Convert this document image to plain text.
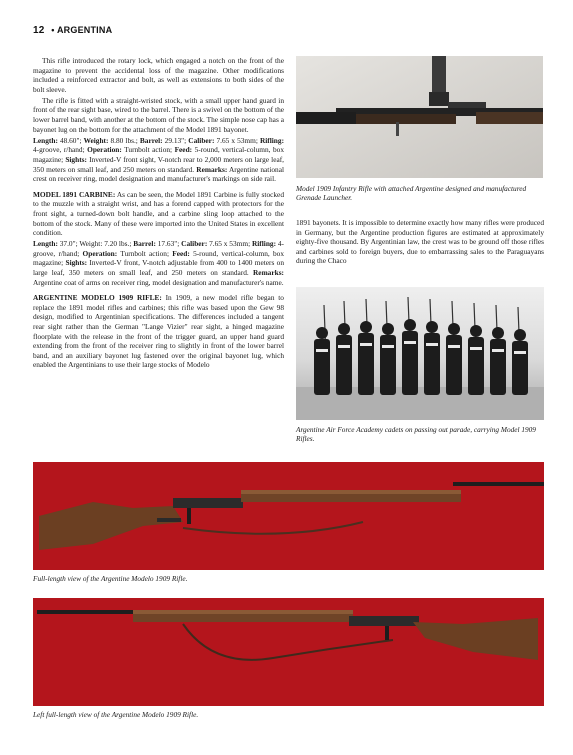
12 • ARGENTINA

This rifle introduced the rotary lock, which engaged a notch on the front of the magazine to prevent the accidental loss of the magazine. Other modifications included a reinforced extractor and bolt, as well as extensions to both sides of the bolt sleeve.

The rifle is fitted with a straight-wristed stock, with a small upper hand guard in front of the rear sight base, wired to the barrel. There is a swivel on the bottom of the lower barrel band, with another at the bottom of the stock. The simple nose cap has a bayonet lug on the bottom for the attachment of the Model 1891 bayonet.

Length: 48.60"; Weight: 8.80 lbs.; Barrel: 29.13"; Caliber: 7.65 x 53mm; Rifling: 4-groove, r/hand; Operation: Turnbolt action; Feed: 5-round, vertical-column, box magazine; Sights: Inverted-V front sight, V-notch rear to 2,000 meters on large leaf, 350 meters on small leaf, and 250 meters on standard. Remarks: Argentine national crest on receiver ring, model designation and manufacturer's markings on side rail.

MODEL 1891 CARBINE: As can be seen, the Model 1891 Carbine is fully stocked to the muzzle with a straight wrist, and has a forend capped with protectors for the front sight, a turned-down bolt handle, and a carbine sling loop attached to the bottom of the stock. Many of these were imported into the United States in excellent condition.

Length: 37.0"; Weight: 7.20 lbs.; Barrel: 17.63"; Caliber: 7.65 x 53mm; Rifling: 4-groove, r/hand; Operation: Turnbolt action; Feed: 5-round, vertical-column, box magazine; Sights: Inverted-V front, V-notch adjustable from 400 to 1400 meters on large leaf, 350 meters on small leaf, and 250 meters on standard. Remarks: Argentine coat of arms on receiver ring, model designation and manufacturer's name.

ARGENTINE MODELO 1909 RIFLE: In 1909, a new model rifle began to replace the 1891 model rifles and carbines; this rifle was based upon the Gew 98 design, modified to Argentinian specifications. The differences included a tangent rear sight rather than the German "Lange Vizier" rear sight, a hinged magazine floorplate with the release in the front of the trigger guard, an upper hand guard extending from the front of the receiver ring to slightly in front of the lower barrel band, and an auxiliary bayonet lug fastened over the original bayonet lug, which enabled the Argentinians to use their large stocks of Modelo

Model 1909 Infantry Rifle with attached Argentine designed and manufactured Grenade Launcher.
1891 bayonets. It is impossible to determine exactly how many rifles were produced in Germany, but the Argentine production figures are estimated at approximately eighty-five thousand. By Argentinian law, the crest was to be ground off those rifles and carbines sold to foreign buyers, due to embarrassing sales to the Paraguayans during the Chaco
Argentine Air Force Academy cadets on passing out parade, carrying Model 1909 Rifles.
Full-length view of the Argentine Modelo 1909 Rifle.
Left full-length view of the Argentine Modelo 1909 Rifle.
